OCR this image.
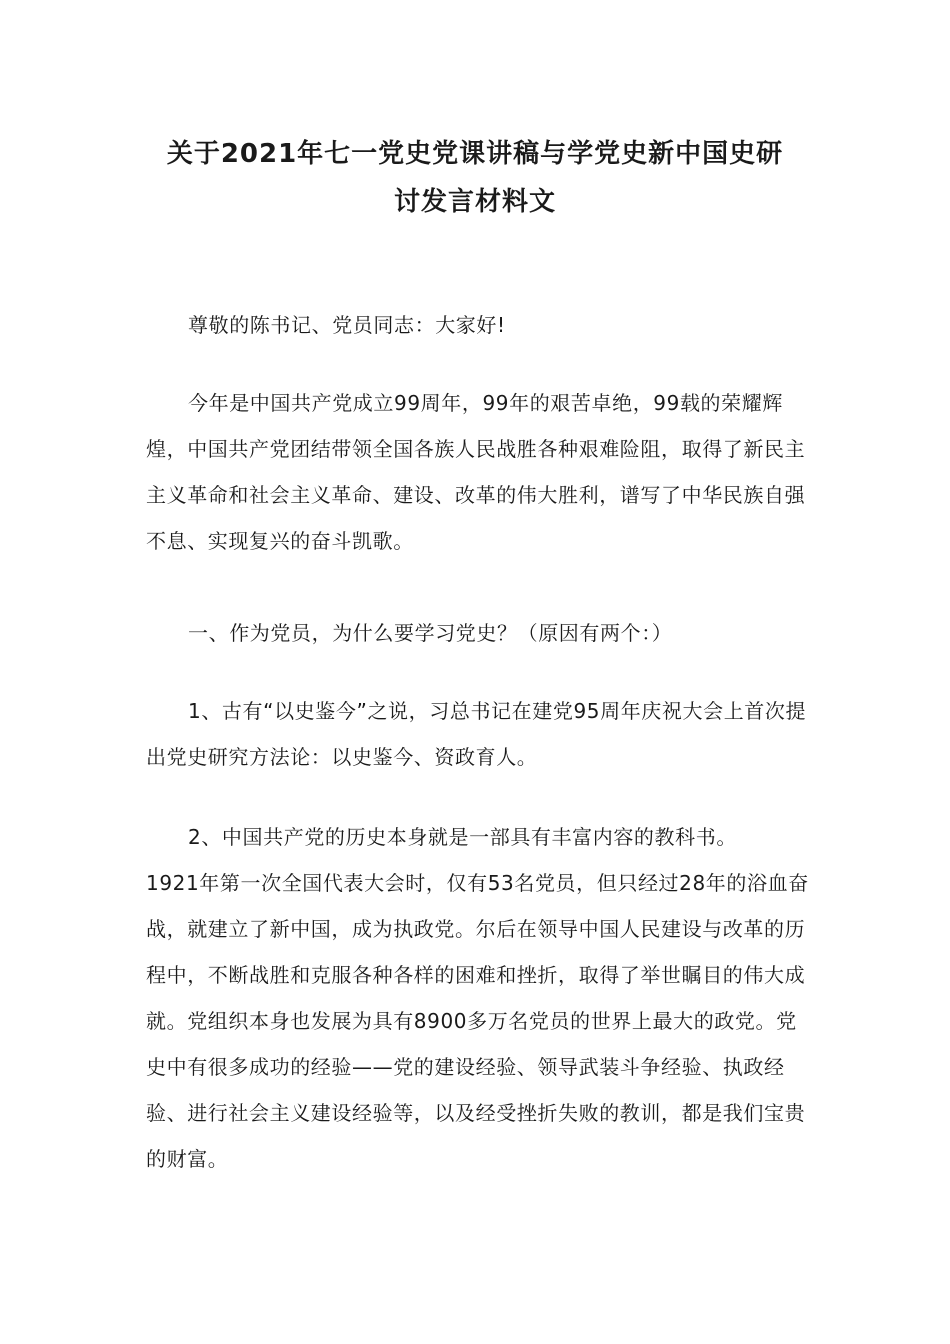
关于2021年七一党史党课讲稿与学党史新中国史研
讨发言材料文

尊敬的陈书记、党员同志：大家好!

今年是中国共产党成立99周年，99年的艰苦卓绝，99载的荣耀辉煌，中国共产党团结带领全国各族人民战胜各种艰难险阻，取得了新民主主义革命和社会主义革命、建设、改革的伟大胜利，谱写了中华民族自强不息、实现复兴的奋斗凯歌。

一、作为党员，为什么要学习党史？（原因有两个：）

1、古有“以史鉴今”之说，习总书记在建党95周年庆祝大会上首次提出党史研究方法论：以史鉴今、资政育人。

2、中国共产党的历史本身就是一部具有丰富内容的教科书。

1921年第一次全国代表大会时，仅有53名党员，但只经过28年的浴血奋战，就建立了新中国，成为执政党。尔后在领导中国人民建设与改革的历程中，不断战胜和克服各种各样的困难和挫折，取得了举世瞩目的伟大成就。党组织本身也发展为具有8900多万名党员的世界上最大的政党。党史中有很多成功的经验——党的建设经验、领导武装斗争经验、执政经验、进行社会主义建设经验等，以及经受挫折失败的教训，都是我们宝贵的财富。
